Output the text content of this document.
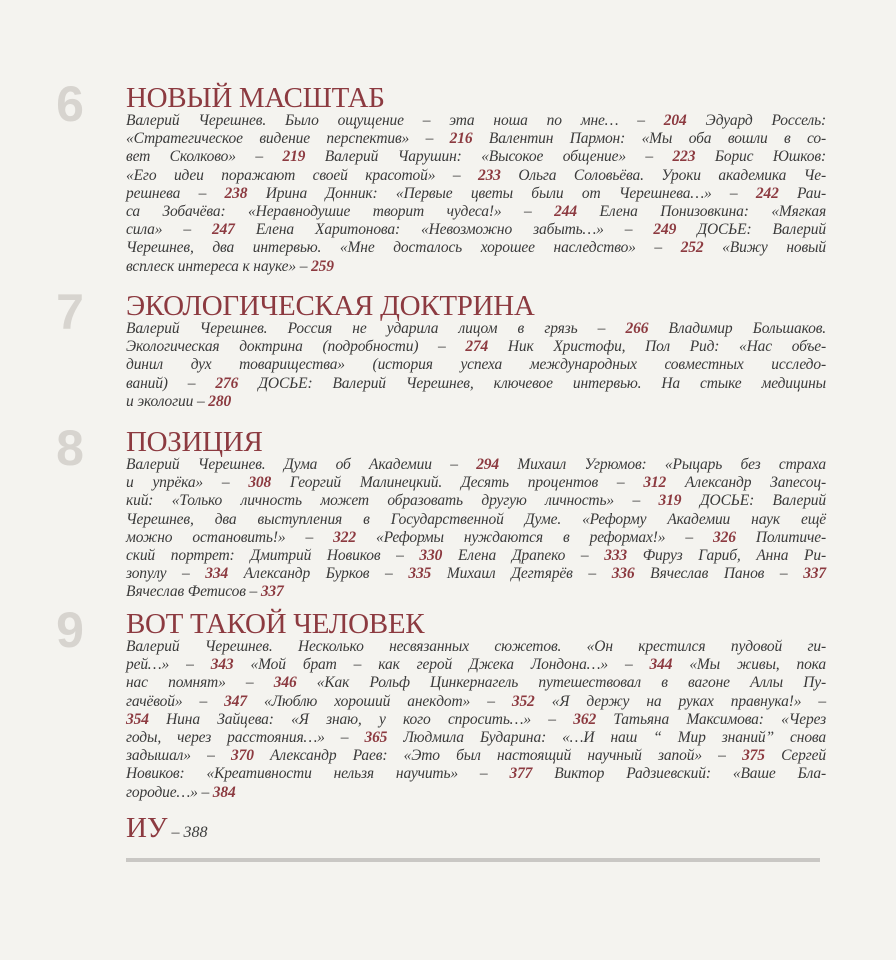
6 НОВЫЙ МАСШТАБ
Валерий Черешнев. Было ощущение – эта ноша по мне… – 204 Эдуард Россель:
«Стратегическое видение перспектив» – 216 Валентин Пармон: «Мы оба вошли в со-
вет Сколково» – 219 Валерий Чарушин: «Высокое общение» – 223 Борис Юшков:
«Его идеи поражают своей красотой» – 233 Ольга Соловьёва. Уроки академика Че-
решнева – 238 Ирина Донник: «Первые цветы были от Черешнева…» – 242 Раи-
са Зобачёва: «Неравнодушие творит чудеса!» – 244 Елена Понизовкина: «Мягкая
сила» – 247 Елена Харитонова: «Невозможно забыть…» – 249 ДОСЬЕ: Валерий
Черешнев, два интервью. «Мне досталось хорошее наследство» – 252 «Вижу новый
всплеск интереса к науке» – 259
7 ЭКОЛОГИЧЕСКАЯ ДОКТРИНА
Валерий Черешнев. Россия не ударила лицом в грязь – 266 Владимир Большаков.
Экологическая доктрина (подробности) – 274 Ник Христофи, Пол Рид: «Нас объе-
динил дух товарищества» (история успеха международных совместных исследо-
ваний) – 276 ДОСЬЕ: Валерий Черешнев, ключевое интервью. На стыке медицины
и экологии – 280
8 ПОЗИЦИЯ
Валерий Черешнев. Дума об Академии – 294 Михаил Угрюмов: «Рыцарь без страха
и упрёка» – 308 Георгий Малинецкий. Десять процентов – 312 Александр Запесоц-
кий: «Только личность может образовать другую личность» – 319 ДОСЬЕ: Валерий
Черешнев, два выступления в Государственной Думе. «Реформу Академии наук ещё
можно остановить!» – 322 «Реформы нуждаются в реформах!» – 326 Политиче-
ский портрет: Дмитрий Новиков – 330 Елена Драпеко – 333 Фируз Гариб, Анна Ри-
зопулу – 334 Александр Бурков – 335 Михаил Дегтярёв – 336 Вячеслав Панов – 337
Вячеслав Фетисов – 337
9 ВОТ ТАКОЙ ЧЕЛОВЕК
Валерий Черешнев. Несколько несвязанных сюжетов. «Он крестился пудовой ги-
рей…» – 343 «Мой брат – как герой Джека Лондона…» – 344 «Мы живы, пока
нас помнят» – 346 «Как Рольф Цинкернагель путешествовал в вагоне Аллы Пу-
гачёвой» – 347 «Люблю хороший анекдот» – 352 «Я держу на руках правнука!» –
354 Нина Зайцева: «Я знаю, у кого спросить…» – 362 Татьяна Максимова: «Через
годы, через расстояния…» – 365 Людмила Бударина: «…И наш “ Мир знаний” снова
задышал» – 370 Александр Раев: «Это был настоящий научный запой» – 375 Сергей
Новиков: «Креативности нельзя научить» – 377 Виктор Радзиевский: «Ваше Бла-
городие…» – 384
ИУ – 388
